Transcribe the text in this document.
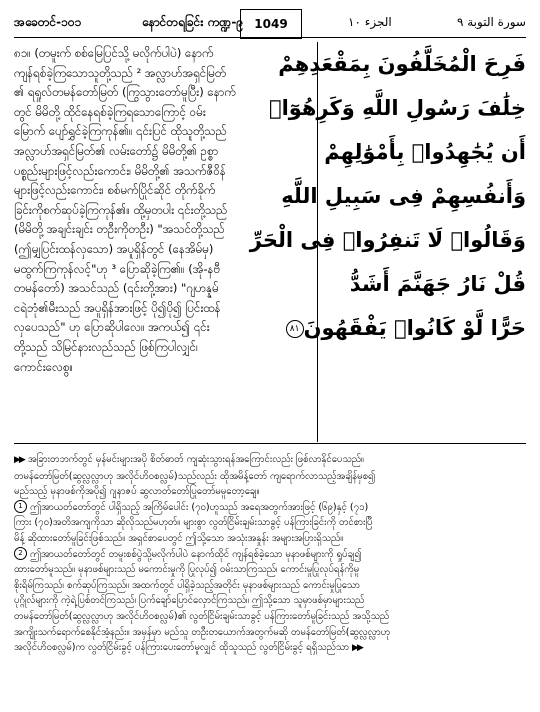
အခေတင်-၁၀၁	နောင်တရခြင်း ကဏ္ဍ-၉ 1049	الجزء ١٠	سورة التوبة ٩
၈၁။ (တမူးက် စစ်မြေပြင်သို့ မလိုက်ပါပဲ) နောက်
ကျန်ရစ်ခဲ့ကြသောသူတို့သည် ² အလ္လာဟ်အရှင်မြတ်
၏ ရရှုလ်တမန်တော်မြတ် (ကြွသွားတော်မူပြီး) နောက်
တွင် မိမိတို့ ထိုင်နေရစ်ခဲ့ကြရသောကြောင့် ဝမ်း
မြောက် ပျော်ရွှင်ခဲ့ကြကုန်၏။ ၎င်းပြင် ထိုသူတို့သည်
အလ္လာဟ်အရှင်မြတ်၏ လမ်းတော်၌ မိမိတို့၏ ဥစ္စာ
ပစ္စည်းများဖြင့်လည်းကောင်း၊ မိမိတို့၏ အသက်ဇီဝိန်
များဖြင့်လည်းကောင်း၊ စစ်မက်ပြိုင်ဆိုင် တိုက်ခိုက်
ခြင်းကိုစက်ဆုပ်ခဲ့ကြကုန်၏။ ထို့မှတပါး ၎င်းတို့သည်
(မိမိတို့ အချင်းချင်း တဦးကိုတဦး) "အသင်တို့သည်
(ဤမျှပြင်းထန်လှသော) အပူရှိန်တွင် (နေအိမ်မှ)
မထွက်ကြကုန်လင့်"ဟု ³ ပြောဆိုခဲ့ကြ၏။ (အို-နဗီ
တမန်တော်) အသင်သည် (၎င်းတို့အား) "ဂျဟန္နမ်
ငရဲဘုံ၏မီးသည် အပူရှိန်အားဖြင့် ပို၍ပို၍ ပြင်းထန်
လှပေသည်" ဟု ပြောဆိုပါလေ။ အကယ်၍ ၎င်း
တို့သည် သိမြင်နားလည်သည် ဖြစ်ကြပါလျှင်၊
ကောင်းလေစွ။
فَرِحَ الْمُخَلَّفُونَ بِمَقْعَدِهِمْ
خِلَٰفَ رَسُولِ اللَّهِ وَكَرِهُوٓا۟
أَن يُجَٰهِدُوا۟ بِأَمْوَٰلِهِمْ
وَأَنفُسِهِمْ فِى سَبِيلِ اللَّهِ
وَقَالُوا۟ لَا تَنفِرُوا۟ فِى الْحَرِّ
قُلْ نَارُ جَهَنَّمَ أَشَدُّ
حَرًّا لَّوْ كَانُوا۟ يَفْقَهُونَ٨١
▶▶ အခြားတဘက်တွင် မှန်မင်းများအပို စိတ်ဓာတ် ကျဆုံးသွားရန်အကြောင်းလည်း ဖြစ်လာနိုင်ပေသည်။
တမန်တော်မြတ်(ဆွလ္လလ္လာဟု အလိုင်ဟိဝစလ္လမ်)သည်လည်း ထိုအမိန့်တော် ကျရောက်လာသည့်အချိန်မှစ၍
မည်သည့် မုနာဖစ်ကိုအပို၍ ဂျနာဇပ် ဆွလာတ်တော်ပြုတော်မမူတော့ချေ။
1 ဤအာယတ်တော်တွင် ပါရှိသည့် အကြိမ်ပေါင်း (၇၀)ဟူသည် အရေအတွက်အားဖြင့် (၆၉)နှင့် (၇၁)
ကြား (၇၀)အတိအကျကိုသာ ဆိုလိုသည်မဟုတ်။ များစွာ လွတ်ငြိမ်းချမ်းသာခွင့် ပန်ကြားခြင်းကို တင်စားပြီ
မိန့် ဆိုထားတော်မူခြင်းဖြစ်သည်။ အရှင်စာပေတွင် ဤသို့သော အသုံးအနှုန်း အများအပြားရှိသည်။
2 ဤအာယတ်တော်တွင် တမူးစစ်ပွဲသို့မလိုက်ပါပဲ နောက်ထိုင် ကျန်ရစ်ခဲ့သော မုနာဖစ်များကို ရှုပ်ချ၍
ထားတော်မူသည်။ မုနာဖစ်များသည် မကောင်းမှုကို ပြုလုပ်၍ ဝမ်းသာကြသည်၊ ကောင်းမှုပြုလုပ်ရန်ကိုမူ
စိုးရိမ်ကြသည်၊ စက်ဆုပ်ကြသည်။ အထက်တွင် ပါရှိခဲ့သည့်အတိုင်း မုနာဖစ်များသည် ကောင်းမှုပြုသော
ပုဂ္ဂိုလ်များကို ကဲ့ရဲ့ပြစ်တင်ကြသည်၊ ပြက်ချော်ပြောင်လှောင်ကြသည်။ ဤသို့သော သူမှာဖစ်မှာများသည်
တမန်တော်မြတ်(ဆွလ္လလ္လာဟု အလိုင်ဟိဝစလ္လမ်)၏ လွတ်ငြိမ်းချမ်းသာခွင့် ပန်ကြားတော်မူခြင်းသည် အသို့သည်
အကျိုးသက်ရောက်စေနိုင်အံ့နည်း။ အမှန်မှာ မည်သူ တဦးတယောက်အတွက်မဆို တမန်တော်မြတ်(ဆွလ္လလ္လာဟု
အလိုင်ဟိဝစလ္လမ်)က လွတ်ငြိမ်းခွင့် ပန်ကြားပေးတော်မူလျှင် ထိုသူသည် လွတ်ငြိမ်းခွင့် ရရှိသည်သာ ▶▶
